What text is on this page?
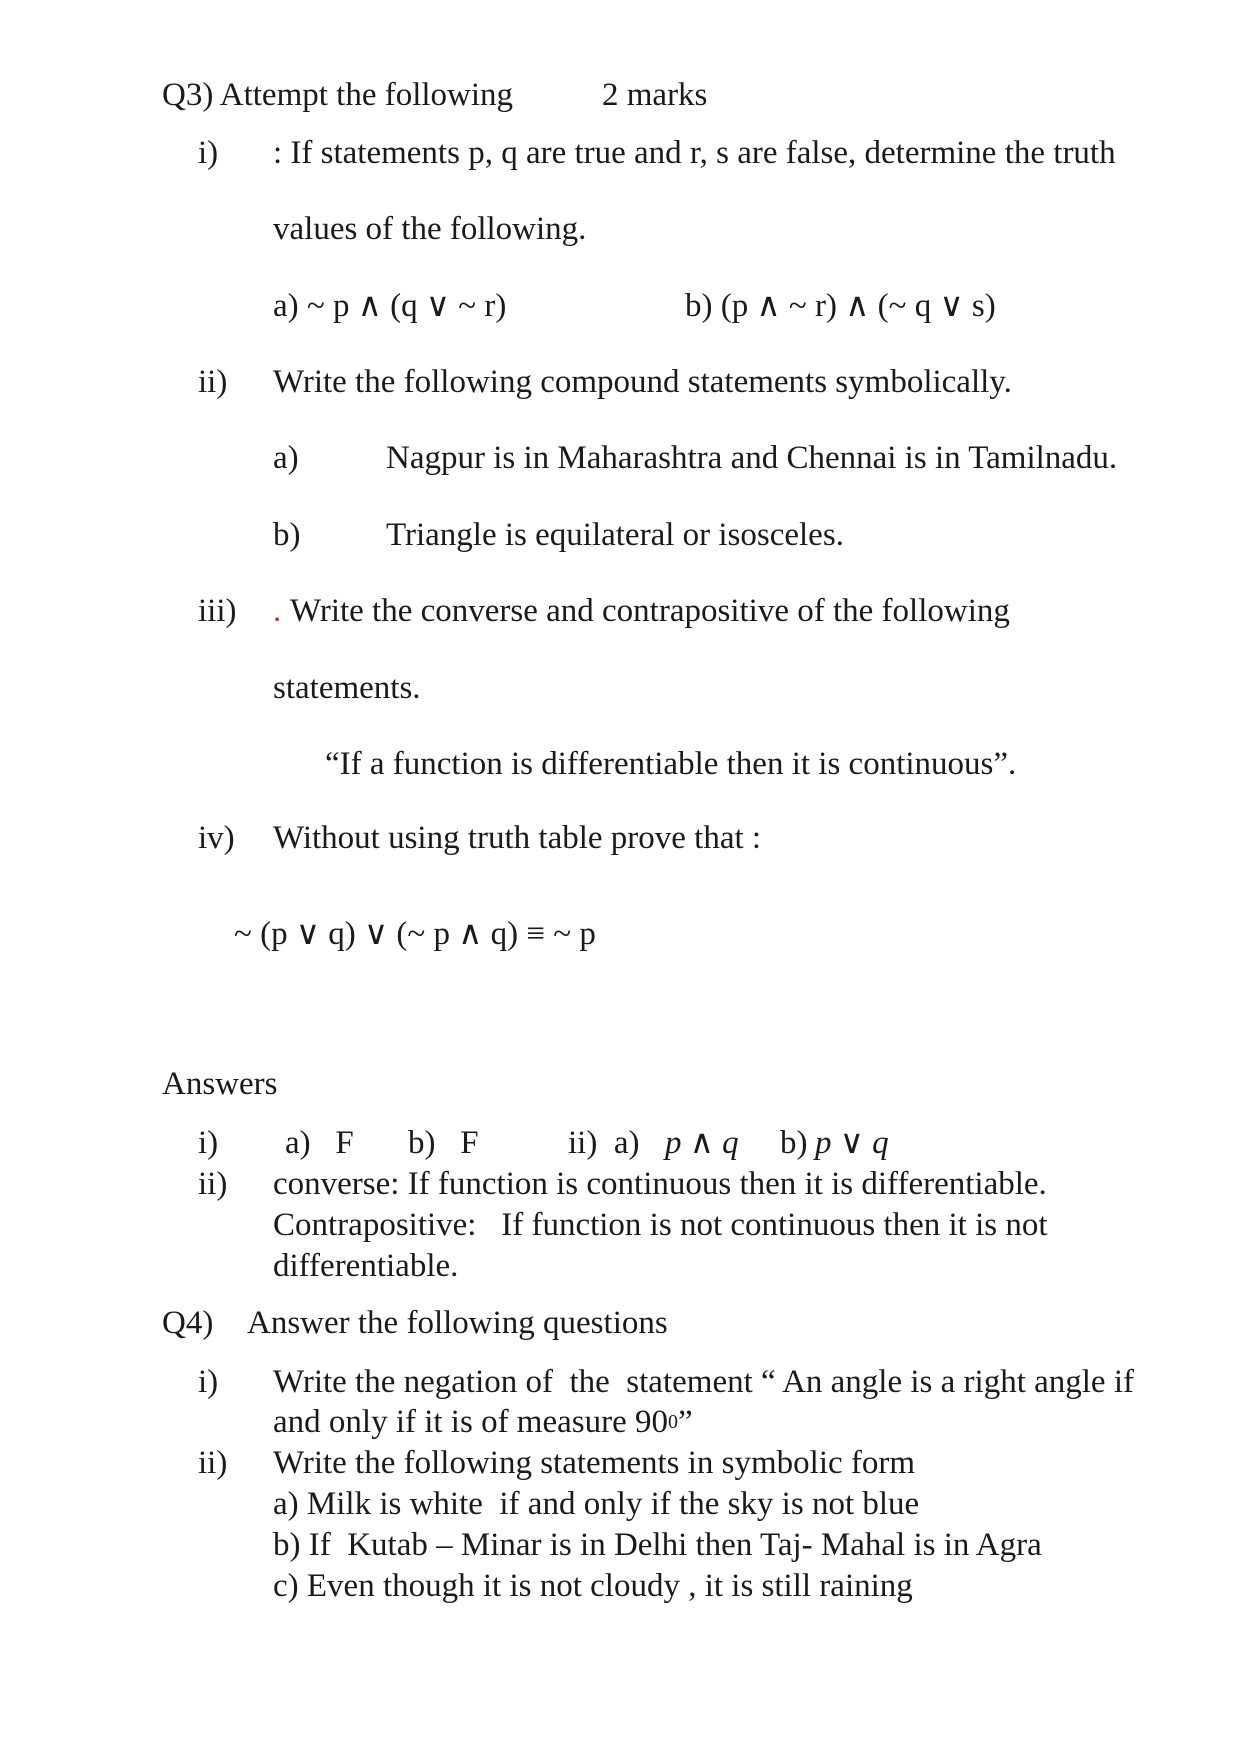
Q3) Attempt the following	2 marks
i) : If statements p, q are true and r, s are false, determine the truth
values of the following.
a) ~ p ∧ (q ∨ ~ r)	b) (p ∧ ~ r) ∧ (~ q ∨ s)
ii) Write the following compound statements symbolically.
a)	Nagpur is in Maharashtra and Chennai is in Tamilnadu.
b)	Triangle is equilateral or isosceles.
iii) . Write the converse and contrapositive of the following
statements.
“If a function is differentiable then it is continuous”.
iv) Without using truth table prove that :
~ (p ∨ q) ∨ (~ p ∧ q) ≡ ~ p
Answers
i) a)   F b)   F	ii)  a) p ∧ q b) p ∨ q
ii) converse: If function is continuous then it is differentiable.
Contrapositive:   If function is not continuous then it is not
differentiable.
Q4) Answer the following questions
i) Write the negation of  the  statement “ An angle is a right angle if
and only if it is of measure $90^0$”
ii) Write the following statements in symbolic form
a) Milk is white  if and only if the sky is not blue
b) If  Kutab – Minar is in Delhi then Taj- Mahal is in Agra
c) Even though it is not cloudy , it is still raining
